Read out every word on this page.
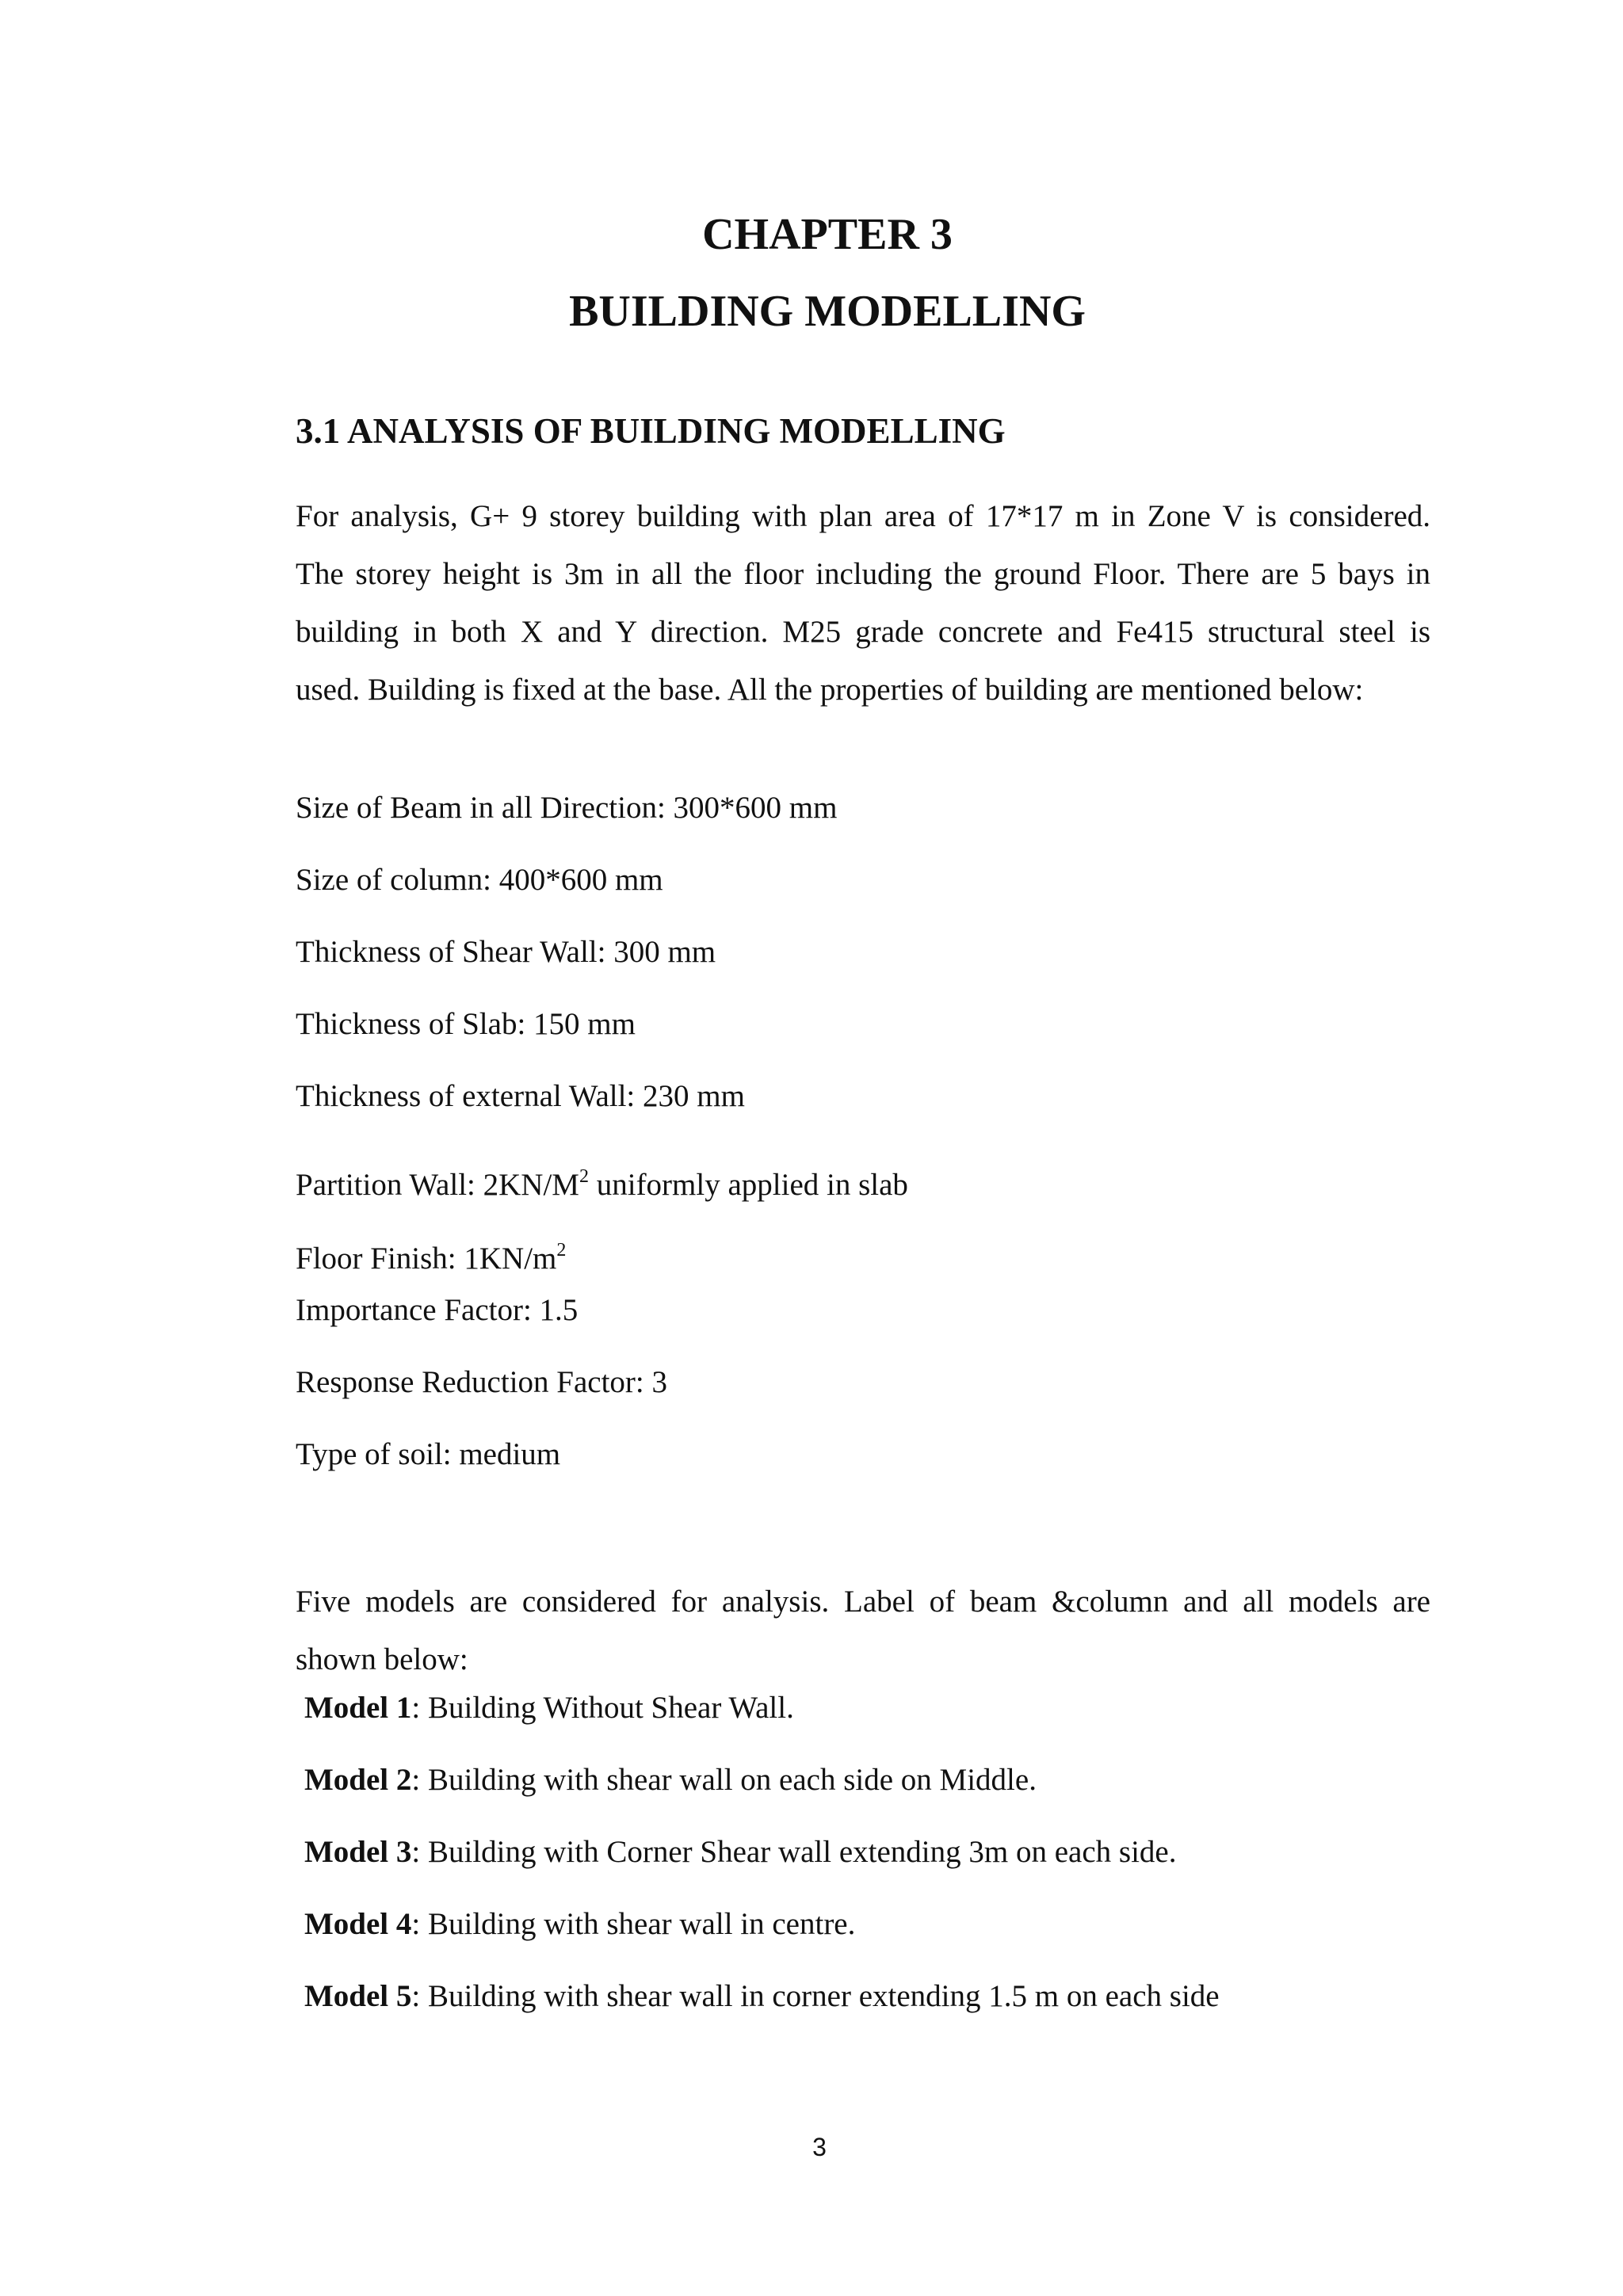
CHAPTER 3
BUILDING MODELLING
3.1 ANALYSIS OF BUILDING MODELLING

For analysis, G+ 9 storey building with plan area of 17*17 m in Zone V is considered.
The storey height is 3m in all the floor including the ground Floor. There are 5 bays in
building in both X and Y direction. M25 grade concrete and Fe415 structural steel is
used. Building is fixed at the base. All the properties of building are mentioned below:

Size of Beam in all Direction: 300*600 mm

Size of column: 400*600 mm

Thickness of Shear Wall: 300 mm

Thickness of Slab: 150 mm

Thickness of external Wall: 230 mm

Partition Wall: $2KN/M^2$ uniformly applied in slab

Floor Finish: $1KN/m^2$

Importance Factor: 1.5

Response Reduction Factor: 3

Type of soil: medium

Five models are considered for analysis. Label of beam &column and all models are
shown below:

Model 1: Building Without Shear Wall.

Model 2: Building with shear wall on each side on Middle.

Model 3: Building with Corner Shear wall extending 3m on each side.

Model 4: Building with shear wall in centre.

Model 5: Building with shear wall in corner extending 1.5 m on each side

3
